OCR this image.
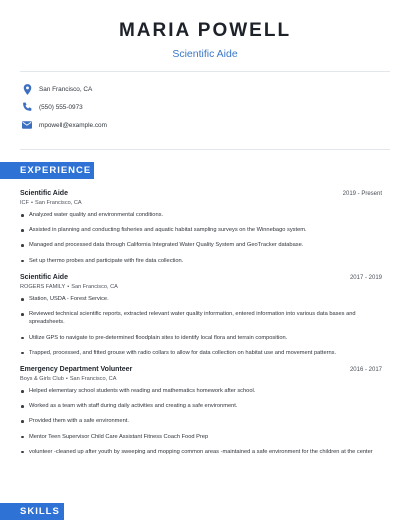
MARIA POWELL
Scientific Aide
San Francisco, CA
(550) 555-0973
mpowell@example.com
EXPERIENCE
Scientific Aide	2019 - Present
ICF • San Francisco, CA
Analyzed water quality and environmental conditions.
Assisted in planning and conducting fisheries and aquatic habitat sampling surveys on the Winnebago system.
Managed and processed data through California Integrated Water Quality System and GeoTracker database.
Set up thermo probes and participate with fire data collection.
Scientific Aide	2017 - 2019
ROGERS FAMILY • San Francisco, CA
Station, USDA - Forest Service.
Reviewed technical scientific reports, extracted relevant water quality information, entered information into various data bases and spreadsheets.
Utilize GPS to navigate to pre-determined floodplain sites to identify local flora and terrain composition.
Trapped, processed, and fitted grouse with radio collars to allow for data collection on habitat use and movement patterns.
Emergency Department Volunteer	2016 - 2017
Boys & Girls Club • San Francisco, CA
Helped elementary school students with reading and mathematics homework after school.
Worked as a team with staff during daily activities and creating a safe environment.
Provided them with a safe environment.
Mentor Teen Supervisor Child Care Assistant Fitness Coach Food Prep
volunteer -cleaned up after youth by sweeping and mopping common areas -maintained a safe environment for the children at the center
SKILLS
